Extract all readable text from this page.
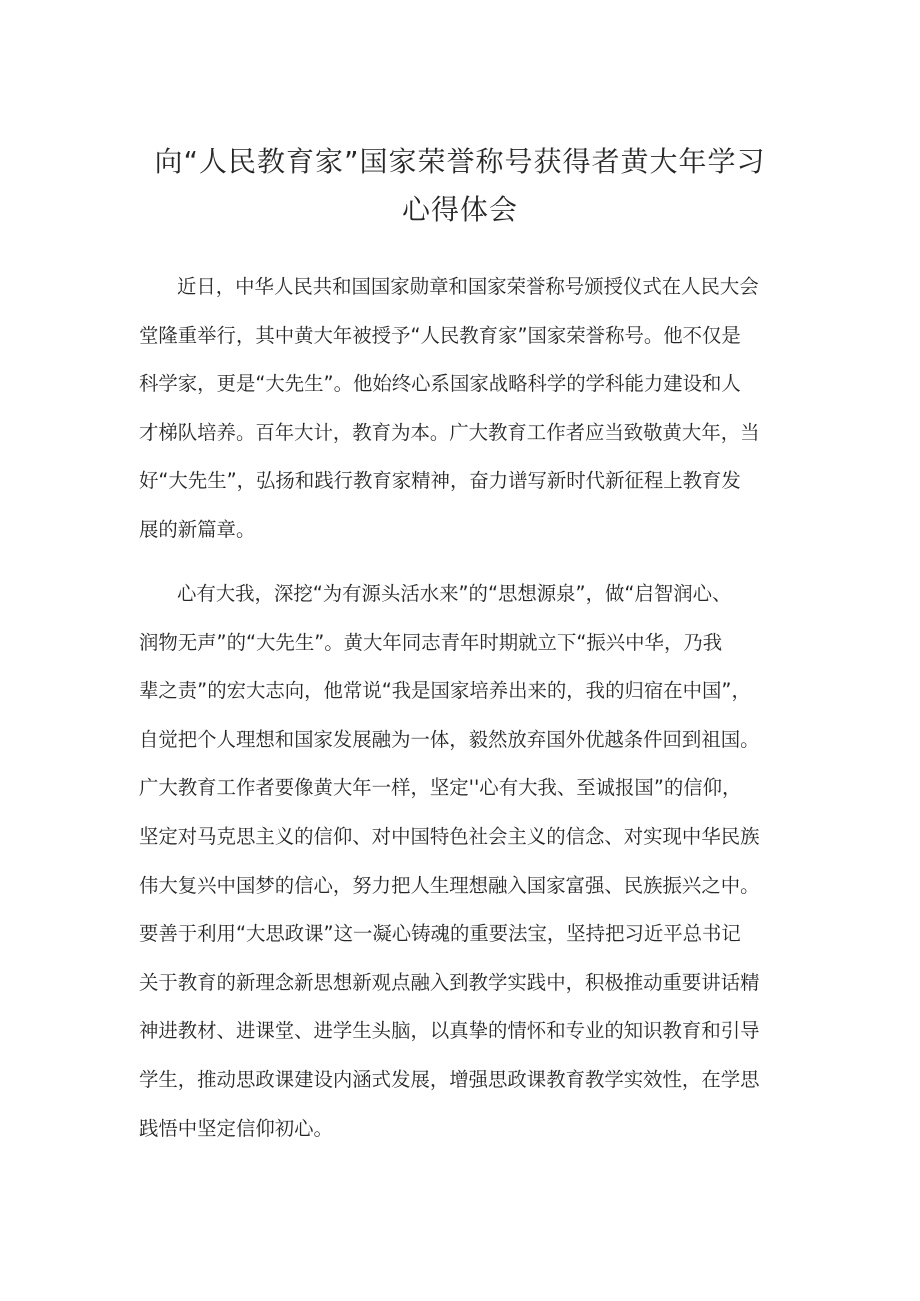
向“人民教育家”国家荣誉称号获得者黄大年学习
心得体会
近日，中华人民共和国国家勋章和国家荣誉称号颁授仪式在人民大会
堂隆重举行，其中黄大年被授予“人民教育家”国家荣誉称号。他不仅是
科学家，更是“大先生”。他始终心系国家战略科学的学科能力建设和人
才梯队培养。百年大计，教育为本。广大教育工作者应当致敬黄大年，当
好“大先生”，弘扬和践行教育家精神，奋力谱写新时代新征程上教育发
展的新篇章。
心有大我，深挖“为有源头活水来”的“思想源泉”，做“启智润心、
润物无声”的“大先生”。黄大年同志青年时期就立下“振兴中华，乃我
辈之责”的宏大志向，他常说“我是国家培养出来的，我的归宿在中国”，
自觉把个人理想和国家发展融为一体，毅然放弃国外优越条件回到祖国。
广大教育工作者要像黄大年一样，坚定''心有大我、至诚报国”的信仰，
坚定对马克思主义的信仰、对中国特色社会主义的信念、对实现中华民族
伟大复兴中国梦的信心，努力把人生理想融入国家富强、民族振兴之中。
要善于利用“大思政课”这一凝心铸魂的重要法宝，坚持把习近平总书记
关于教育的新理念新思想新观点融入到教学实践中，积极推动重要讲话精
神进教材、进课堂、进学生头脑，以真挚的情怀和专业的知识教育和引导
学生，推动思政课建设内涵式发展，增强思政课教育教学实效性，在学思
践悟中坚定信仰初心。
